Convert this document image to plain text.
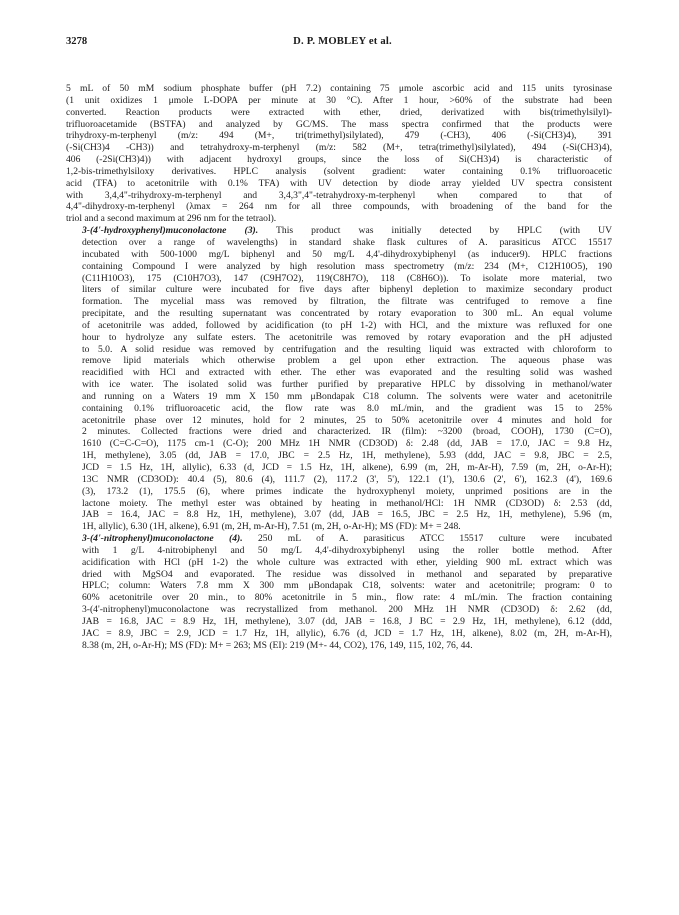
3278	D. P. MOBLEY et al.

5 mL of 50 mM sodium phosphate buffer (pH 7.2) containing 75 μmole ascorbic acid and 115 units tyrosinase
(1 unit oxidizes 1 μmole L-DOPA per minute at 30 °C). After 1 hour, >60% of the substrate had been
converted. Reaction products were extracted with ether, dried, derivatized with bis(trimethylsilyl)-
trifluoroacetamide (BSTFA) and analyzed by GC/MS. The mass spectra confirmed that the products were
trihydroxy-m-terphenyl (m/z: 494 (M+, tri(trimethyl)silylated), 479 (-CH3), 406 (-Si(CH3)4), 391
(-Si(CH3)4 -CH3)) and tetrahydroxy-m-terphenyl (m/z: 582 (M+, tetra(trimethyl)silylated), 494 (-Si(CH3)4),
406 (-2Si(CH3)4)) with adjacent hydroxyl groups, since the loss of Si(CH3)4) is characteristic of
1,2-bis-trimethylsiloxy derivatives. HPLC analysis (solvent gradient: water containing 0.1% trifluoroacetic
acid (TFA) to acetonitrile with 0.1% TFA) with UV detection by diode array yielded UV spectra consistent
with 3,4,4"-trihydroxy-m-terphenyl and 3,4,3",4"-tetrahydroxy-m-terphenyl when compared to that of
4,4"-dihydroxy-m-terphenyl (λmax = 264 nm for all three compounds, with broadening of the band for the
triol and a second maximum at 296 nm for the tetraol).

3-(4'-hydroxyphenyl)muconolactone (3). This product was initially detected by HPLC (with UV
detection over a range of wavelengths) in standard shake flask cultures of A. parasiticus ATCC 15517
incubated with 500-1000 mg/L biphenyl and 50 mg/L 4,4'-dihydroxybiphenyl (as inducer9). HPLC fractions
containing Compound I were analyzed by high resolution mass spectrometry (m/z: 234 (M+, C12H10O5), 190
(C11H10O3), 175 (C10H7O3), 147 (C9H7O2), 119(C8H7O), 118 (C8H6O)). To isolate more material, two
liters of similar culture were incubated for five days after biphenyl depletion to maximize secondary product
formation. The mycelial mass was removed by filtration, the filtrate was centrifuged to remove a fine
precipitate, and the resulting supernatant was concentrated by rotary evaporation to 300 mL. An equal volume
of acetonitrile was added, followed by acidification (to pH 1-2) with HCl, and the mixture was refluxed for one
hour to hydrolyze any sulfate esters. The acetonitrile was removed by rotary evaporation and the pH adjusted
to 5.0. A solid residue was removed by centrifugation and the resulting liquid was extracted with chloroform to
remove lipid materials which otherwise problem a gel upon ether extraction. The aqueous phase was
reacidified with HCl and extracted with ether. The ether was evaporated and the resulting solid was washed
with ice water. The isolated solid was further purified by preparative HPLC by dissolving in methanol/water
and running on a Waters 19 mm X 150 mm μBondapak C18 column. The solvents were water and acetonitrile
containing 0.1% trifluoroacetic acid, the flow rate was 8.0 mL/min, and the gradient was 15 to 25%
acetonitrile phase over 12 minutes, hold for 2 minutes, 25 to 50% acetonitrile over 4 minutes and hold for
2 minutes. Collected fractions were dried and characterized. IR (film): ~3200 (broad, COOH), 1730 (C=O),
1610 (C=C-C=O), 1175 cm-1 (C-O); 200 MHz 1H NMR (CD3OD) δ: 2.48 (dd, JAB = 17.0, JAC = 9.8 Hz,
1H, methylene), 3.05 (dd, JAB = 17.0, JBC = 2.5 Hz, 1H, methylene), 5.93 (ddd, JAC = 9.8, JBC = 2.5,
JCD = 1.5 Hz, 1H, allylic), 6.33 (d, JCD = 1.5 Hz, 1H, alkene), 6.99 (m, 2H, m-Ar-H), 7.59 (m, 2H, o-Ar-H);
13C NMR (CD3OD): 40.4 (5), 80.6 (4), 111.7 (2), 117.2 (3', 5'), 122.1 (1'), 130.6 (2', 6'), 162.3 (4'), 169.6
(3), 173.2 (1), 175.5 (6), where primes indicate the hydroxyphenyl moiety, unprimed positions are in the
lactone moiety. The methyl ester was obtained by heating in methanol/HCl: 1H NMR (CD3OD) δ: 2.53 (dd,
JAB = 16.4, JAC = 8.8 Hz, 1H, methylene), 3.07 (dd, JAB = 16.5, JBC = 2.5 Hz, 1H, methylene), 5.96 (m,
1H, allylic), 6.30 (1H, alkene), 6.91 (m, 2H, m-Ar-H), 7.51 (m, 2H, o-Ar-H); MS (FD): M+ = 248.

3-(4'-nitrophenyl)muconolactone (4). 250 mL of A. parasiticus ATCC 15517 culture were incubated
with 1 g/L 4-nitrobiphenyl and 50 mg/L 4,4'-dihydroxybiphenyl using the roller bottle method. After
acidification with HCl (pH 1-2) the whole culture was extracted with ether, yielding 900 mL extract which was
dried with MgSO4 and evaporated. The residue was dissolved in methanol and separated by preparative
HPLC; column: Waters 7.8 mm X 300 mm μBondapak C18, solvents: water and acetonitrile; program: 0 to
60% acetonitrile over 20 min., to 80% acetonitrile in 5 min., flow rate: 4 mL/min. The fraction containing
3-(4'-nitrophenyl)muconolactone was recrystallized from methanol. 200 MHz 1H NMR (CD3OD) δ: 2.62 (dd,
JAB = 16.8, JAC = 8.9 Hz, 1H, methylene), 3.07 (dd, JAB = 16.8, J BC = 2.9 Hz, 1H, methylene), 6.12 (ddd,
JAC = 8.9, JBC = 2.9, JCD = 1.7 Hz, 1H, allylic), 6.76 (d, JCD = 1.7 Hz, 1H, alkene), 8.02 (m, 2H, m-Ar-H),
8.38 (m, 2H, o-Ar-H); MS (FD): M+ = 263; MS (EI): 219 (M+- 44, CO2), 176, 149, 115, 102, 76, 44.
